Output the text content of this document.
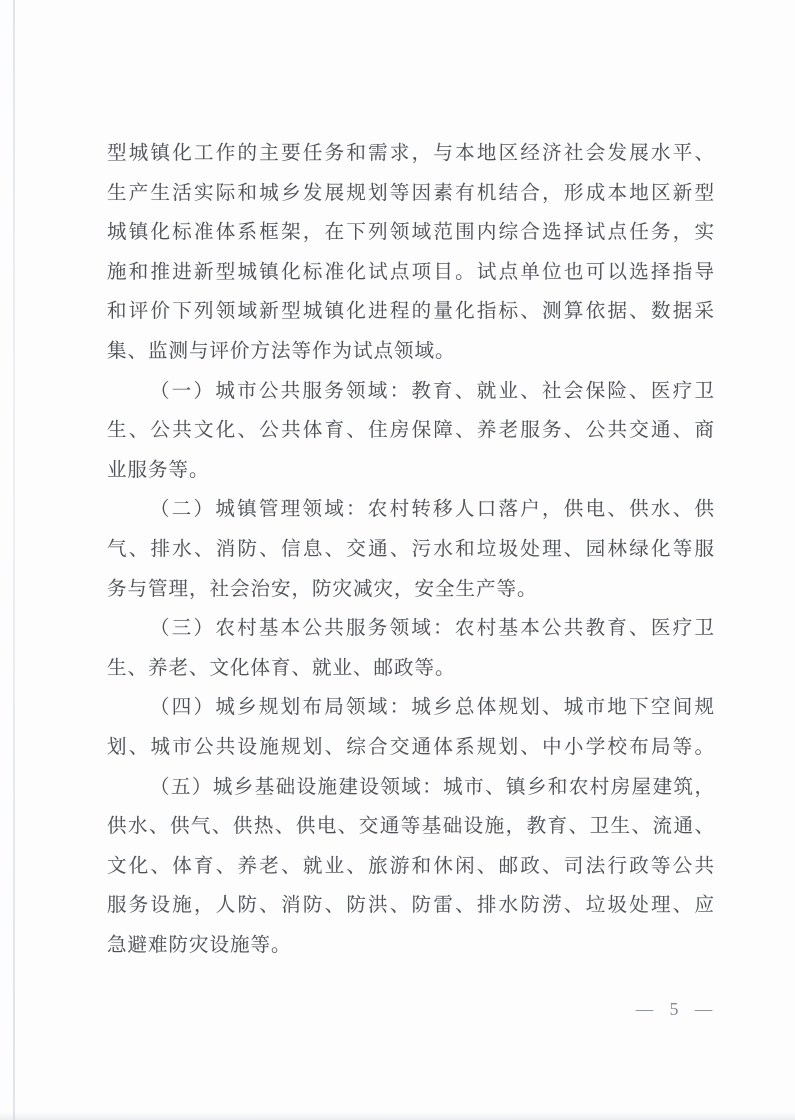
型城镇化工作的主要任务和需求，与本地区经济社会发展水平、
生产生活实际和城乡发展规划等因素有机结合，形成本地区新型
城镇化标准体系框架，在下列领域范围内综合选择试点任务，实
施和推进新型城镇化标准化试点项目。试点单位也可以选择指导
和评价下列领域新型城镇化进程的量化指标、测算依据、数据采
集、监测与评价方法等作为试点领域。
（一）城市公共服务领域：教育、就业、社会保险、医疗卫
生、公共文化、公共体育、住房保障、养老服务、公共交通、商
业服务等。
（二）城镇管理领域：农村转移人口落户，供电、供水、供
气、排水、消防、信息、交通、污水和垃圾处理、园林绿化等服
务与管理，社会治安，防灾减灾，安全生产等。
（三）农村基本公共服务领域：农村基本公共教育、医疗卫
生、养老、文化体育、就业、邮政等。
（四）城乡规划布局领域：城乡总体规划、城市地下空间规
划、城市公共设施规划、综合交通体系规划、中小学校布局等。
（五）城乡基础设施建设领域：城市、镇乡和农村房屋建筑，
供水、供气、供热、供电、交通等基础设施，教育、卫生、流通、
文化、体育、养老、就业、旅游和休闲、邮政、司法行政等公共
服务设施，人防、消防、防洪、防雷、排水防涝、垃圾处理、应
急避难防灾设施等。
— 5 —
